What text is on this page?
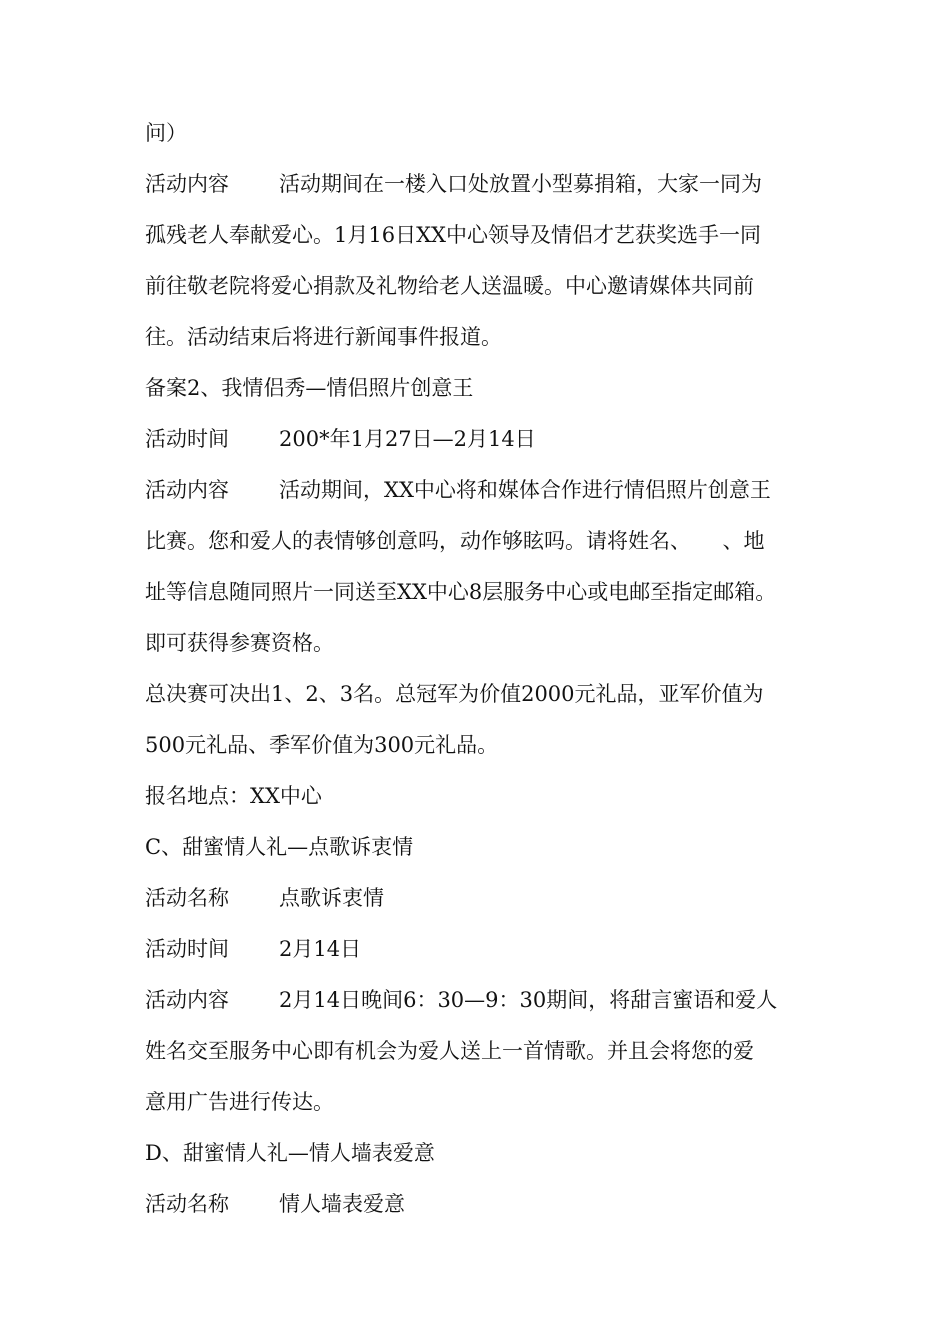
问）
活动内容 活动期间在一楼入口处放置小型募捐箱，大家一同为
孤残老人奉献爱心。1月16日XX中心领导及情侣才艺获奖选手一同
前往敬老院将爱心捐款及礼物给老人送温暖。中心邀请媒体共同前
往。活动结束后将进行新闻事件报道。
备案2、我情侣秀—情侣照片创意王
活动时间 200*年1月27日—2月14日
活动内容 活动期间，XX中心将和媒体合作进行情侣照片创意王
比赛。您和爱人的表情够创意吗，动作够眩吗。请将姓名、　　、地
址等信息随同照片一同送至XX中心8层服务中心或电邮至指定邮箱。
即可获得参赛资格。
总决赛可决出1、2、3名。总冠军为价值2000元礼品，亚军价值为
500元礼品、季军价值为300元礼品。
报名地点：XX中心
C、甜蜜情人礼—点歌诉衷情
活动名称 点歌诉衷情
活动时间 2月14日
活动内容 2月14日晚间6：30—9：30期间，将甜言蜜语和爱人
姓名交至服务中心即有机会为爱人送上一首情歌。并且会将您的爱
意用广告进行传达。
D、甜蜜情人礼—情人墙表爱意
活动名称 情人墙表爱意
